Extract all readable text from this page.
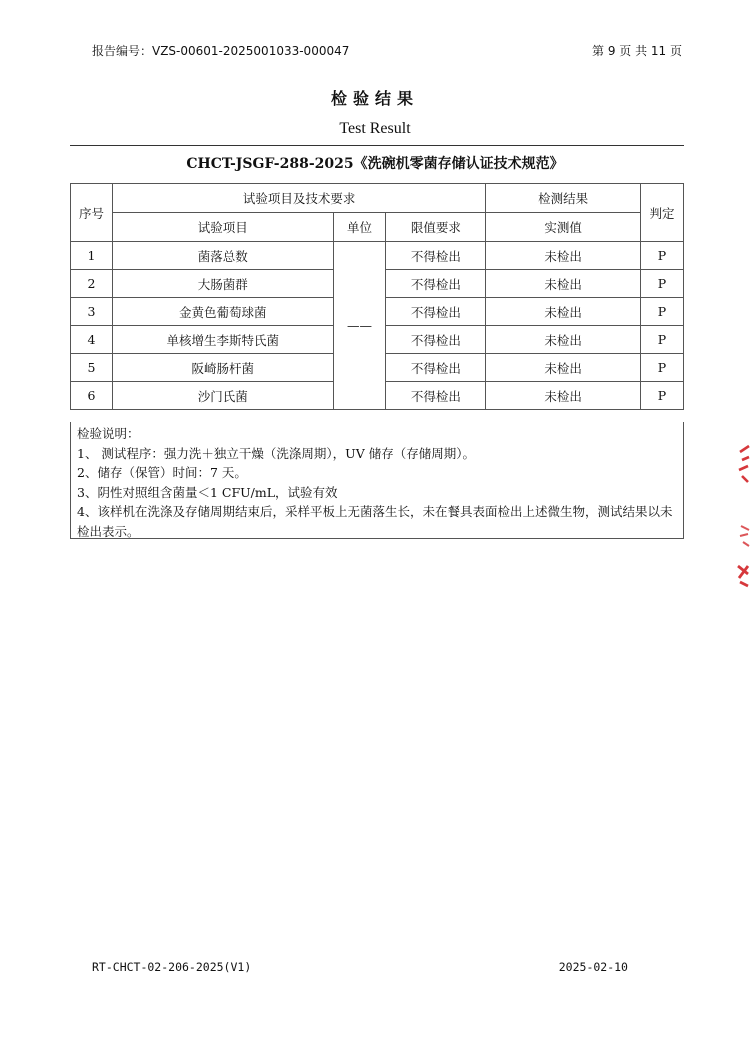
报告编号：VZS-00601-2025001033-000047	第 9 页 共 11 页
检验结果
Test Result
CHCT-JSGF-288-2025《洗碗机零菌存储认证技术规范》
序号	试验项目及技术要求			检测结果	判定
	试验项目	单位	限值要求	实测值	
1	菌落总数	——	不得检出	未检出	P
2	大肠菌群		不得检出	未检出	P
3	金黄色葡萄球菌		不得检出	未检出	P
4	单核增生李斯特氏菌		不得检出	未检出	P
5	阪崎肠杆菌		不得检出	未检出	P
6	沙门氏菌		不得检出	未检出	P
检验说明：
1、 测试程序：强力洗＋独立干燥（洗涤周期），UV 储存（存储周期）。
2、储存（保管）时间：7 天。
3、阴性对照组含菌量＜1 CFU/mL，试验有效
4、该样机在洗涤及存储周期结束后，采样平板上无菌落生长，未在餐具表面检出上述微生物，测试结果以未检出表示。
RT-CHCT-02-206-2025(V1)	2025-02-10
